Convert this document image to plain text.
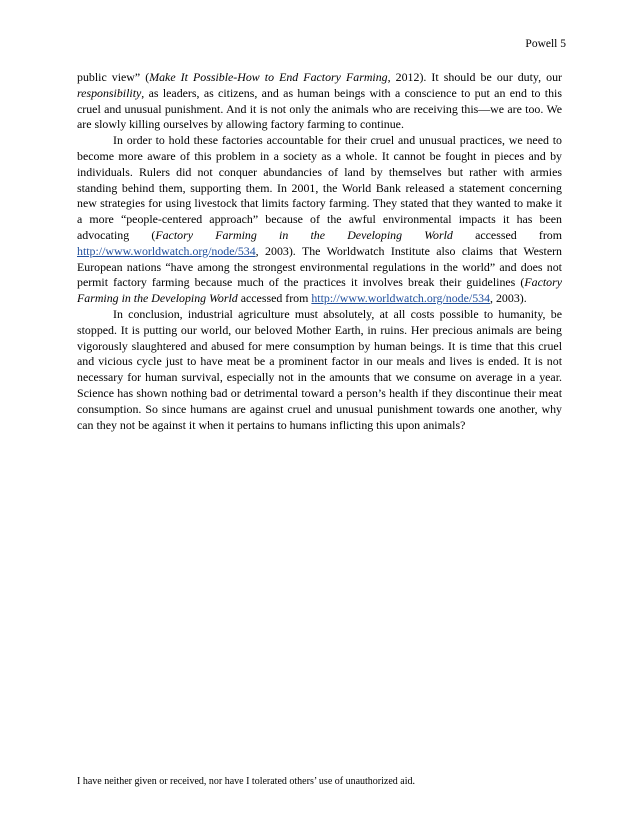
Powell 5

public view” (Make It Possible-How to End Factory Farming, 2012). It should be our duty, our responsibility, as leaders, as citizens, and as human beings with a conscience to put an end to this cruel and unusual punishment. And it is not only the animals who are receiving this—we are too. We are slowly killing ourselves by allowing factory farming to continue.

In order to hold these factories accountable for their cruel and unusual practices, we need to become more aware of this problem in a society as a whole. It cannot be fought in pieces and by individuals. Rulers did not conquer abundancies of land by themselves but rather with armies standing behind them, supporting them. In 2001, the World Bank released a statement concerning new strategies for using livestock that limits factory farming. They stated that they wanted to make it a more “people-centered approach” because of the awful environmental impacts it has been advocating (Factory Farming in the Developing World accessed from http://www.worldwatch.org/node/534, 2003). The Worldwatch Institute also claims that Western European nations “have among the strongest environmental regulations in the world” and does not permit factory farming because much of the practices it involves break their guidelines (Factory Farming in the Developing World accessed from http://www.worldwatch.org/node/534, 2003).

In conclusion, industrial agriculture must absolutely, at all costs possible to humanity, be stopped. It is putting our world, our beloved Mother Earth, in ruins. Her precious animals are being vigorously slaughtered and abused for mere consumption by human beings. It is time that this cruel and vicious cycle just to have meat be a prominent factor in our meals and lives is ended. It is not necessary for human survival, especially not in the amounts that we consume on average in a year. Science has shown nothing bad or detrimental toward a person’s health if they discontinue their meat consumption. So since humans are against cruel and unusual punishment towards one another, why can they not be against it when it pertains to humans inflicting this upon animals?

I have neither given or received, nor have I tolerated others’ use of unauthorized aid.
